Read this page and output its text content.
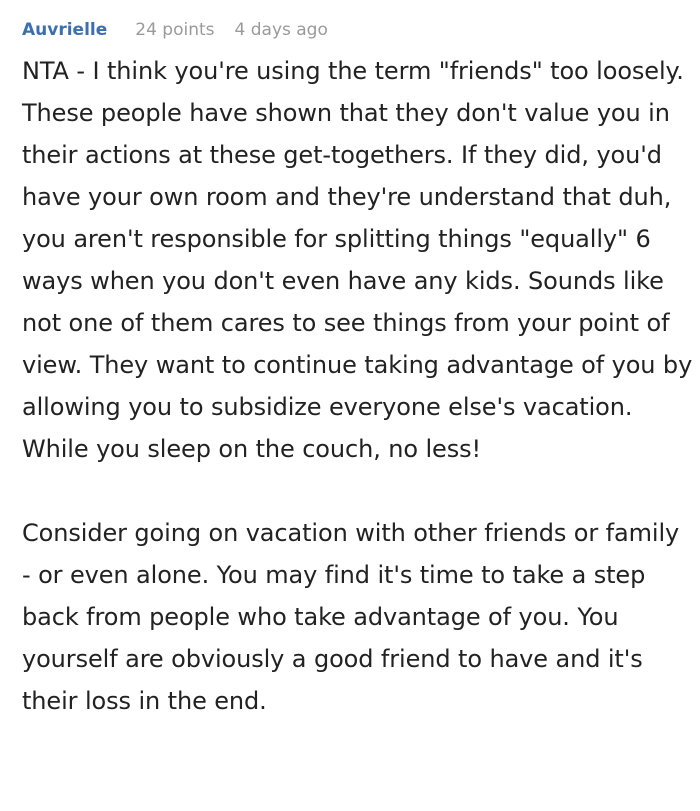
Auvrielle 24 points 4 days ago

NTA - I think you're using the term "friends" too loosely. These people have shown that they don't value you in their actions at these get-togethers. If they did, you'd have your own room and they're understand that duh, you aren't responsible for splitting things "equally" 6 ways when you don't even have any kids. Sounds like not one of them cares to see things from your point of view. They want to continue taking advantage of you by allowing you to subsidize everyone else's vacation. While you sleep on the couch, no less!

Consider going on vacation with other friends or family - or even alone. You may find it's time to take a step back from people who take advantage of you. You yourself are obviously a good friend to have and it's their loss in the end.
